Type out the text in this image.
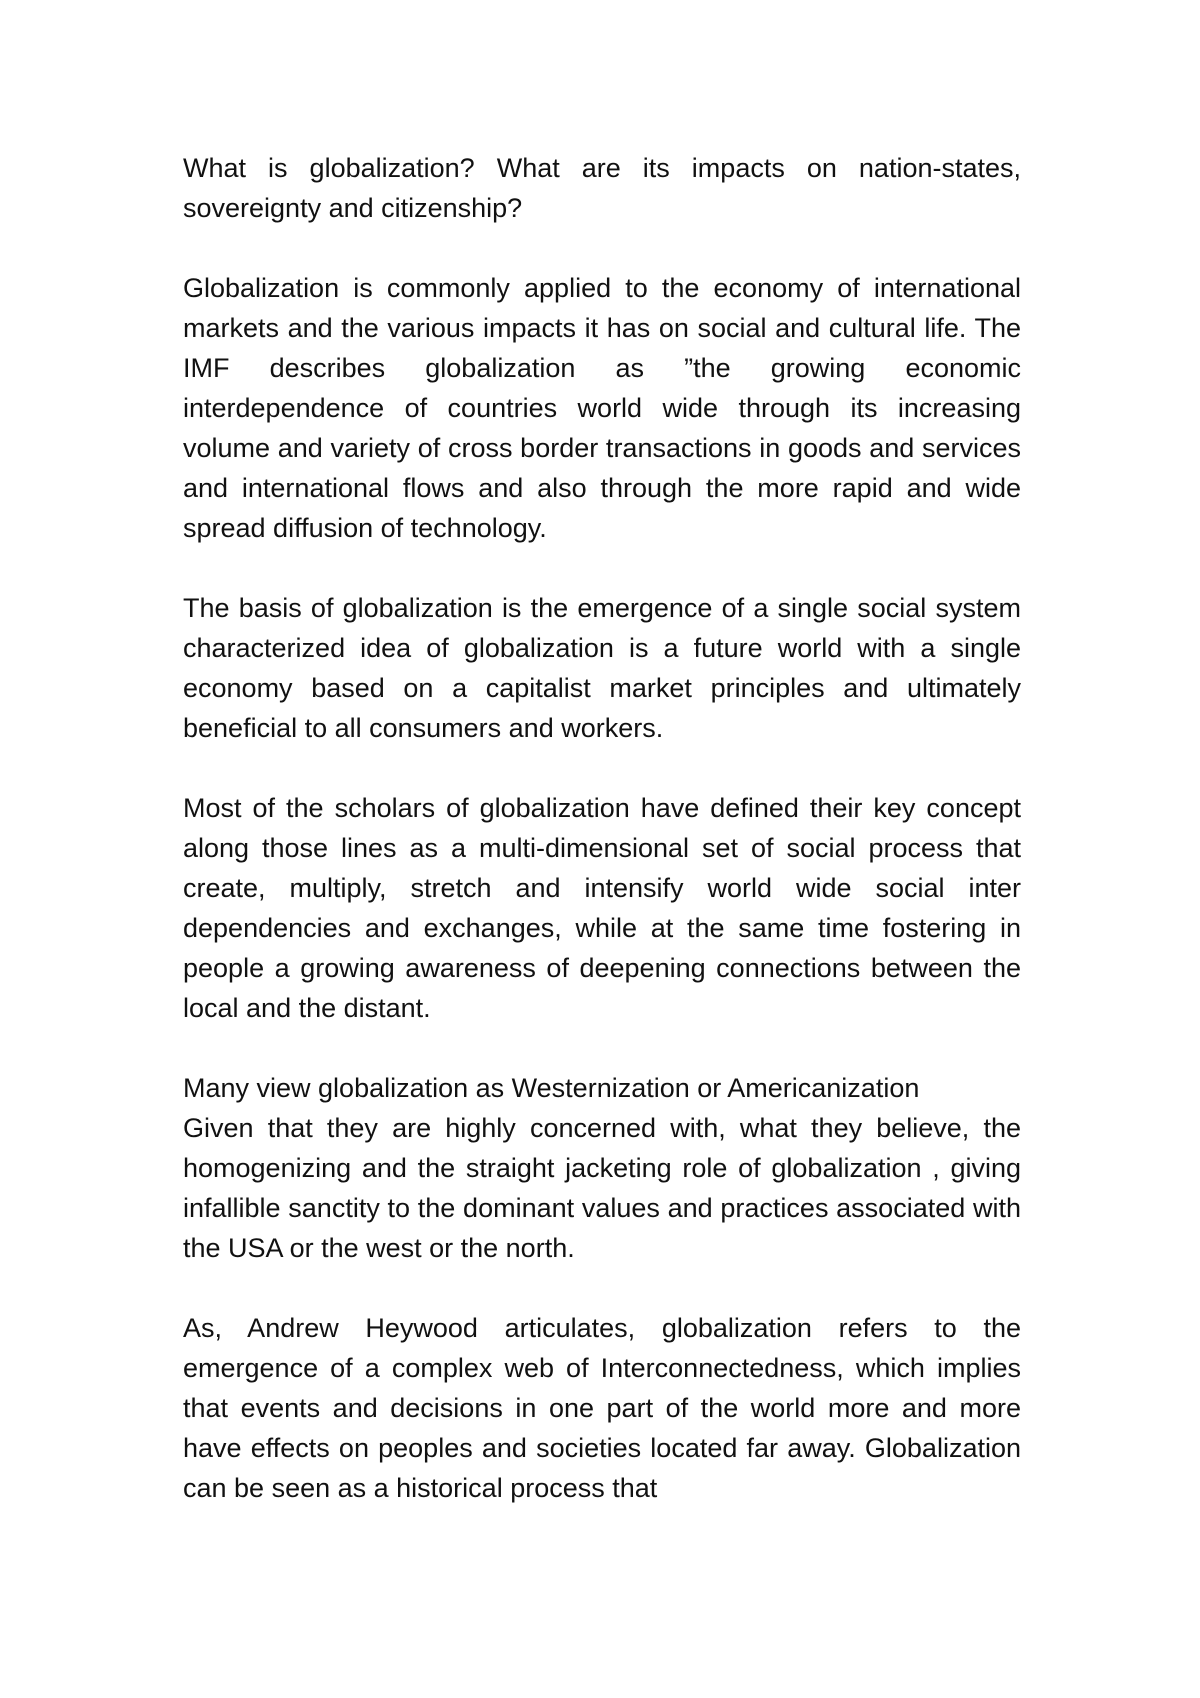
What is globalization? What are its impacts on nation-states,
sovereignty and citizenship?

Globalization is commonly applied to the economy of international markets and the various impacts it has on social and cultural life. The IMF describes globalization as ”the growing economic interdependence of countries world wide through its increasing volume and variety of cross border transactions in goods and services and international flows and also through the more rapid and wide spread diffusion of technology.

The basis of globalization is the emergence of a single social system characterized idea of globalization is a future world with a single economy based on a capitalist market principles and ultimately beneficial to all consumers and workers.

Most of the scholars of globalization have defined their key concept along those lines as a multi-dimensional set of social process that create, multiply, stretch and intensify world wide social inter dependencies and exchanges, while at the same time fostering in people a growing awareness of deepening connections between the local and the distant.

Many view globalization as Westernization or Americanization
Given that they are highly concerned with, what they believe, the homogenizing and the straight jacketing role of globalization , giving infallible sanctity to the dominant values and practices associated with the USA or the west or the north.

As, Andrew Heywood articulates, globalization refers to the emergence of a complex web of Interconnectedness, which implies that events and decisions in one part of the world more and more have effects on peoples and societies located far away. Globalization can be seen as a historical process that
